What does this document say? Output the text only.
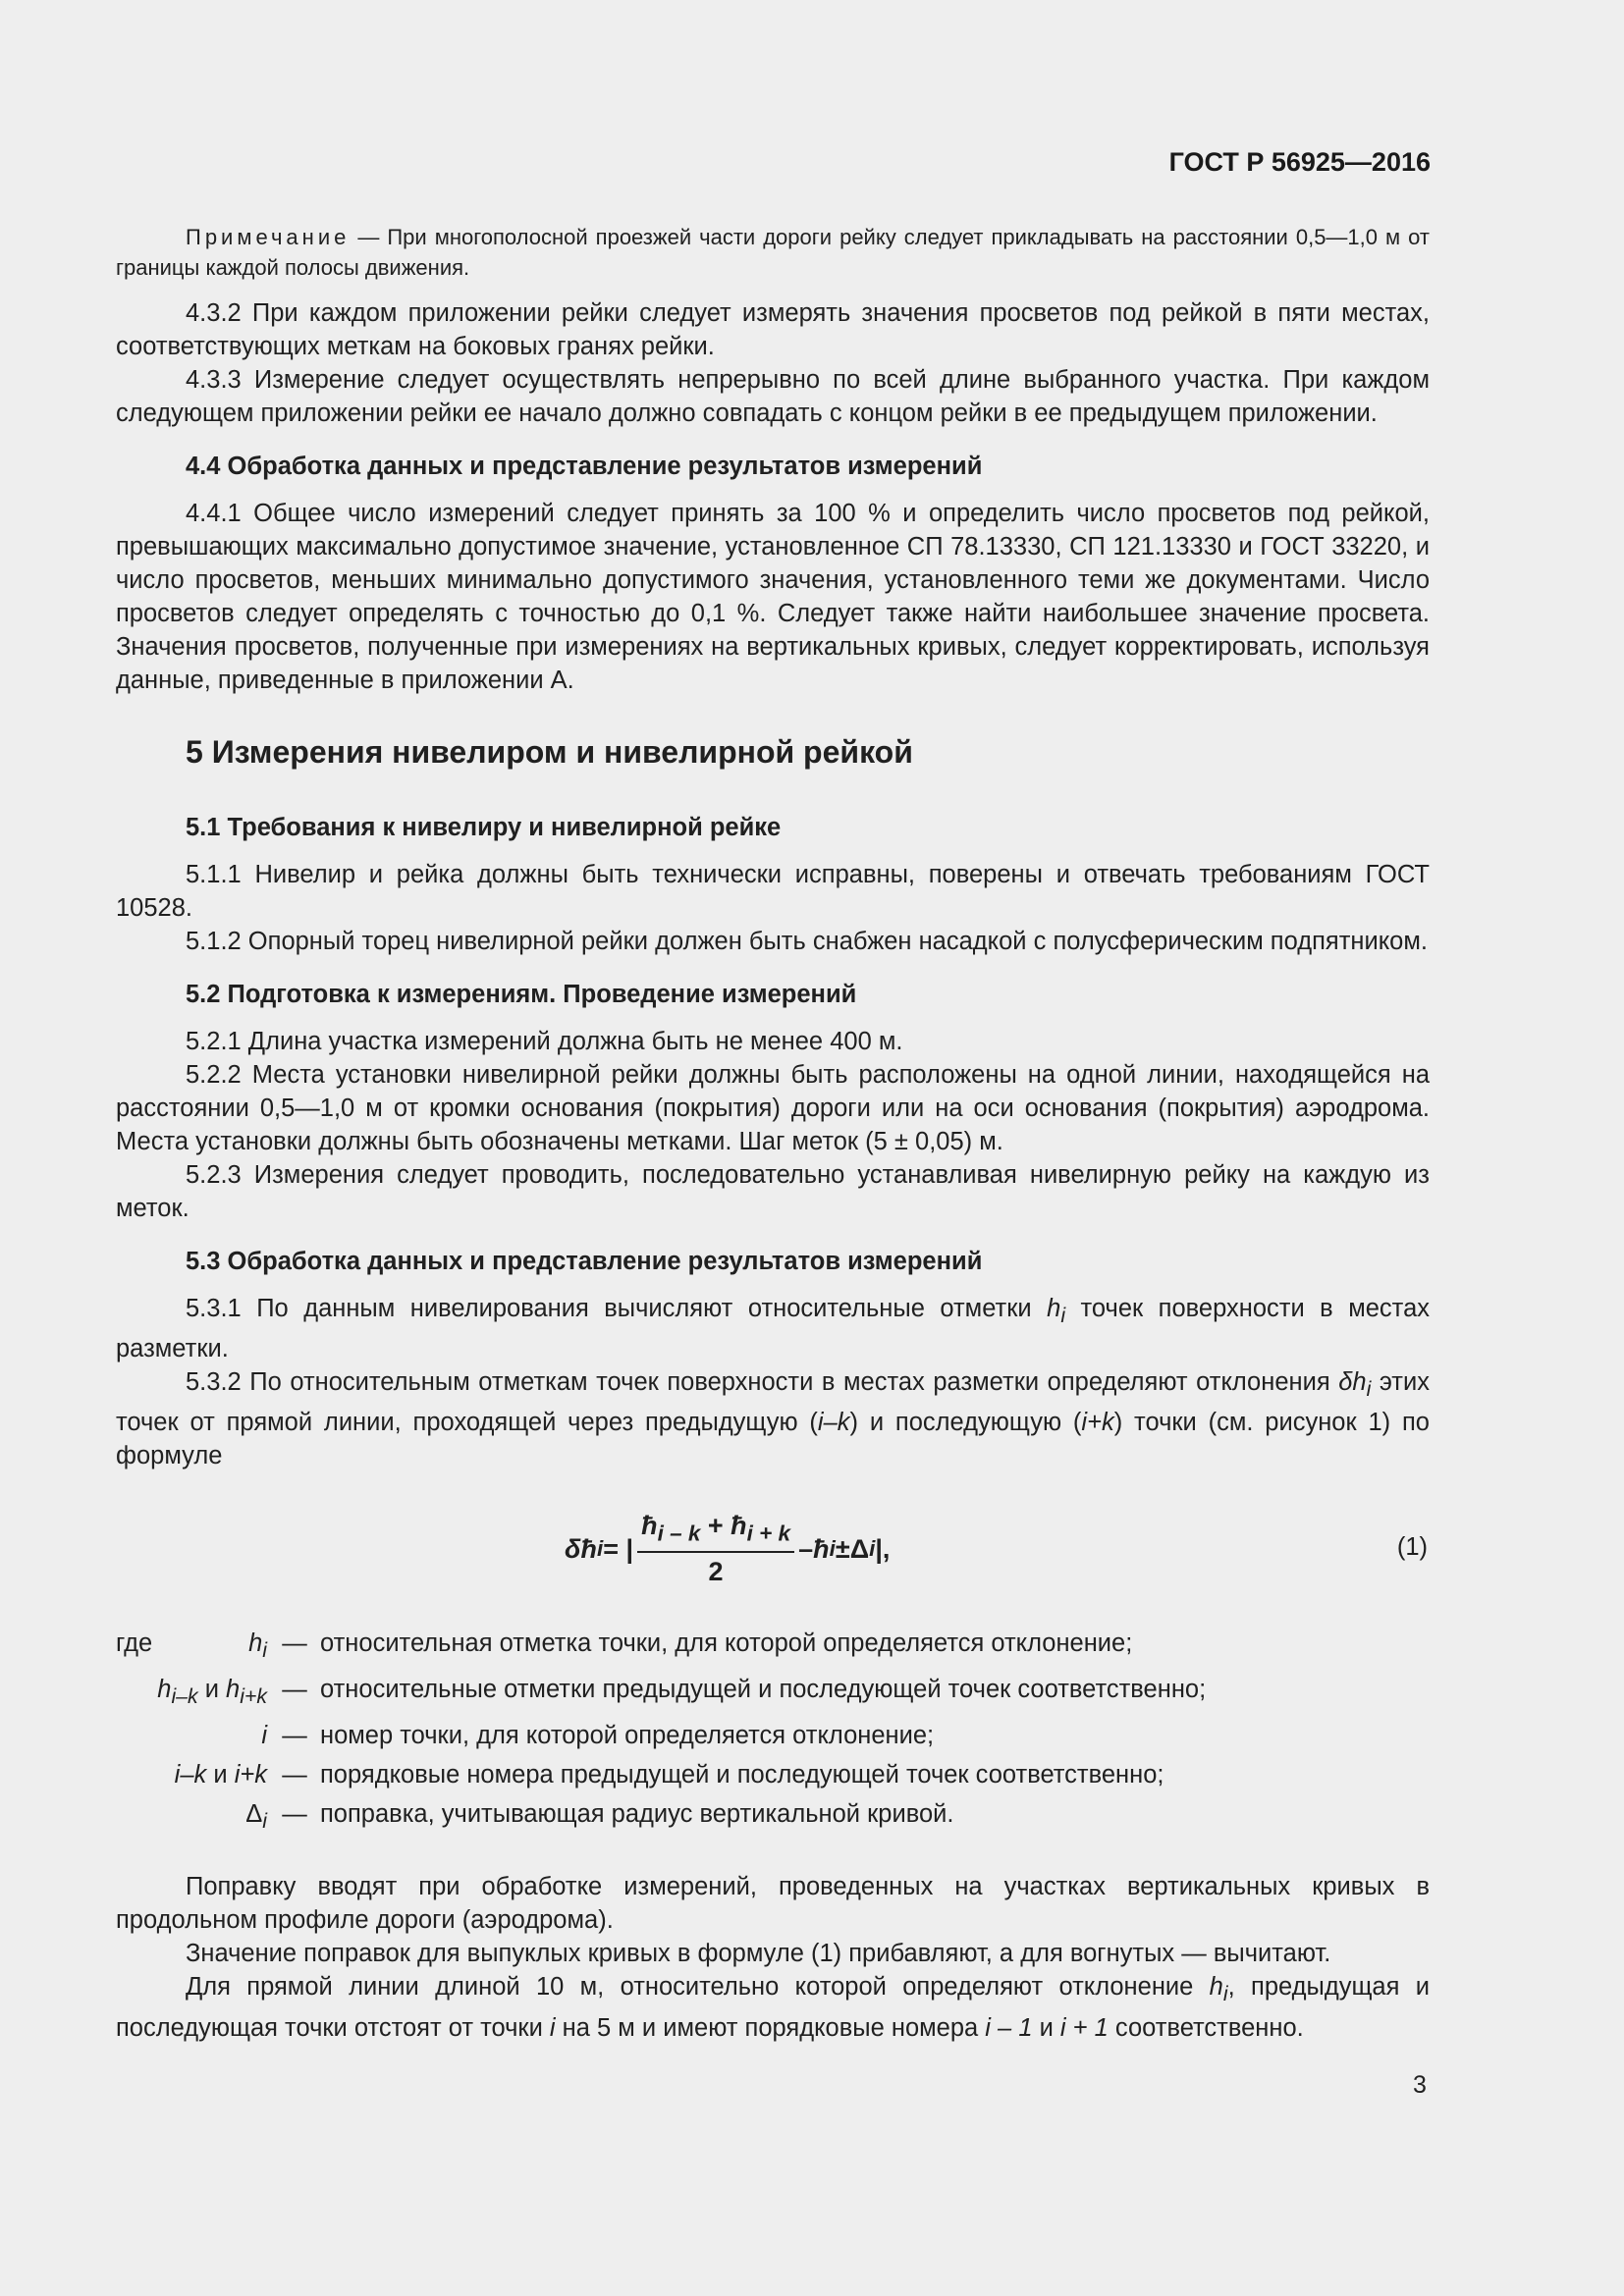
ГОСТ Р 56925—2016

Примечание — При многополосной проезжей части дороги рейку следует прикладывать на расстоянии 0,5—1,0 м от границы каждой полосы движения.

4.3.2 При каждом приложении рейки следует измерять значения просветов под рейкой в пяти местах, соответствующих меткам на боковых гранях рейки.

4.3.3 Измерение следует осуществлять непрерывно по всей длине выбранного участка. При каждом следующем приложении рейки ее начало должно совпадать с концом рейки в ее предыдущем приложении.

4.4 Обработка данных и представление результатов измерений

4.4.1 Общее число измерений следует принять за 100 % и определить число просветов под рейкой, превышающих максимально допустимое значение, установленное СП 78.13330, СП 121.13330 и ГОСТ 33220, и число просветов, меньших минимально допустимого значения, установленного теми же документами. Число просветов следует определять с точностью до 0,1 %. Следует также найти наибольшее значение просвета. Значения просветов, полученные при измерениях на вертикальных кривых, следует корректировать, используя данные, приведенные в приложении А.

5 Измерения нивелиром и нивелирной рейкой

5.1 Требования к нивелиру и нивелирной рейке

5.1.1 Нивелир и рейка должны быть технически исправны, поверены и отвечать требованиям ГОСТ 10528.

5.1.2 Опорный торец нивелирной рейки должен быть снабжен насадкой с полусферическим подпятником.

5.2 Подготовка к измерениям. Проведение измерений

5.2.1 Длина участка измерений должна быть не менее 400 м.

5.2.2 Места установки нивелирной рейки должны быть расположены на одной линии, находящейся на расстоянии 0,5—1,0 м от кромки основания (покрытия) дороги или на оси основания (покрытия) аэродрома. Места установки должны быть обозначены метками. Шаг меток (5 ± 0,05) м.

5.2.3 Измерения следует проводить, последовательно устанавливая нивелирную рейку на каждую из меток.

5.3 Обработка данных и представление результатов измерений

5.3.1 По данным нивелирования вычисляют относительные отметки $h_i$ точек поверхности в местах разметки.

5.3.2 По относительным отметкам точек поверхности в местах разметки определяют отклонения $\delta h_i$ этих точек от прямой линии, проходящей через предыдущую (i–k) и последующую (i+k) точки (см. рисунок 1) по формуле

δħ i = | $\frac{ħ_{i - k} + ħ_{i + k}}{2}$ – ħ i ± Δ i |,	(1)
где	$h_i$ — относительная отметка точки, для которой определяется отклонение;
$h_{i-k}$ и $h_{i+k}$ — относительные отметки предыдущей и последующей точек соответственно;
i — номер точки, для которой определяется отклонение;
i–k и i+k — порядковые номера предыдущей и последующей точек соответственно;
$\Delta_i$ — поправка, учитывающая радиус вертикальной кривой.

Поправку вводят при обработке измерений, проведенных на участках вертикальных кривых в продольном профиле дороги (аэродрома).

Значение поправок для выпуклых кривых в формуле (1) прибавляют, а для вогнутых — вычитают.

Для прямой линии длиной 10 м, относительно которой определяют отклонение $h_i$, предыдущая и последующая точки отстоят от точки i на 5 м и имеют порядковые номера i – 1 и i + 1 соответственно.

3
